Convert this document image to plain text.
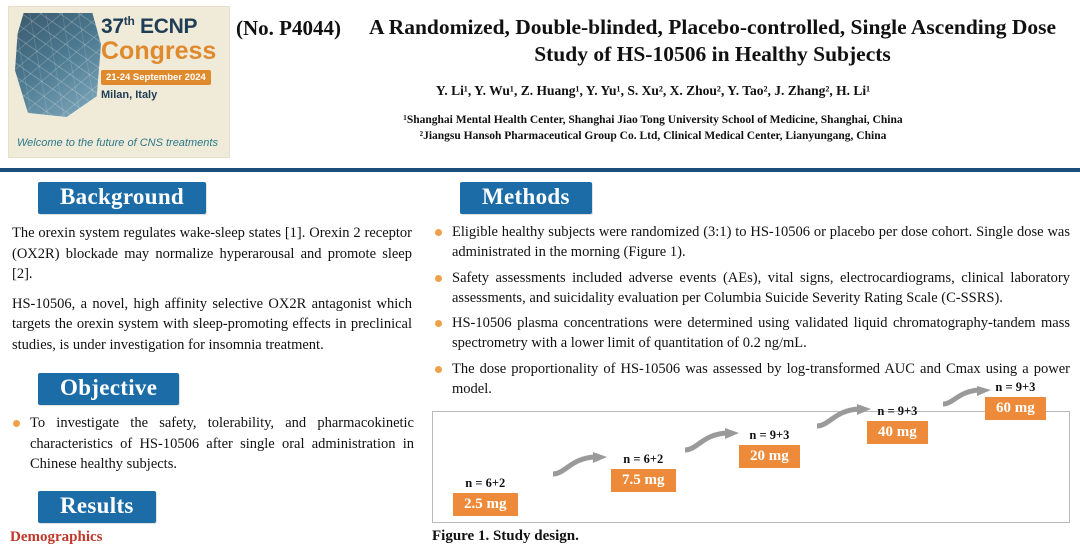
37th ECNP
Congress
21-24 September 2024
Milan, Italy
Welcome to the future of CNS treatments
(No. P4044)	A Randomized, Double-blinded, Placebo-controlled, Single Ascending Dose Study of HS-10506 in Healthy Subjects
Y. Li¹, Y. Wu¹, Z. Huang¹, Y. Yu¹, S. Xu², X. Zhou², Y. Tao², J. Zhang², H. Li¹
¹Shanghai Mental Health Center, Shanghai Jiao Tong University School of Medicine, Shanghai, China
²Jiangsu Hansoh Pharmaceutical Group Co. Ltd, Clinical Medical Center, Lianyungang, China
Background
The orexin system regulates wake-sleep states [1]. Orexin 2 receptor (OX2R) blockade may normalize hyperarousal and promote sleep [2].
HS-10506, a novel, high affinity selective OX2R antagonist which targets the orexin system with sleep-promoting effects in preclinical studies, is under investigation for insomnia treatment.
Objective
To investigate the safety, tolerability, and pharmacokinetic characteristics of HS-10506 after single oral administration in Chinese healthy subjects.
Results
Demographics
Methods
Eligible healthy subjects were randomized (3:1) to HS-10506 or placebo per dose cohort. Single dose was administrated in the morning (Figure 1).
Safety assessments included adverse events (AEs), vital signs, electrocardiograms, clinical laboratory assessments, and suicidality evaluation per Columbia Suicide Severity Rating Scale (C-SSRS).
HS-10506 plasma concentrations were determined using validated liquid chromatography-tandem mass spectrometry with a lower limit of quantitation of 0.2 ng/mL.
The dose proportionality of HS-10506 was assessed by log-transformed AUC and Cmax using a power model.
n = 6+2
2.5 mg
n = 6+2
7.5 mg
n = 9+3
20 mg
n = 9+3
40 mg
n = 9+3
60 mg
Figure 1. Study design.
